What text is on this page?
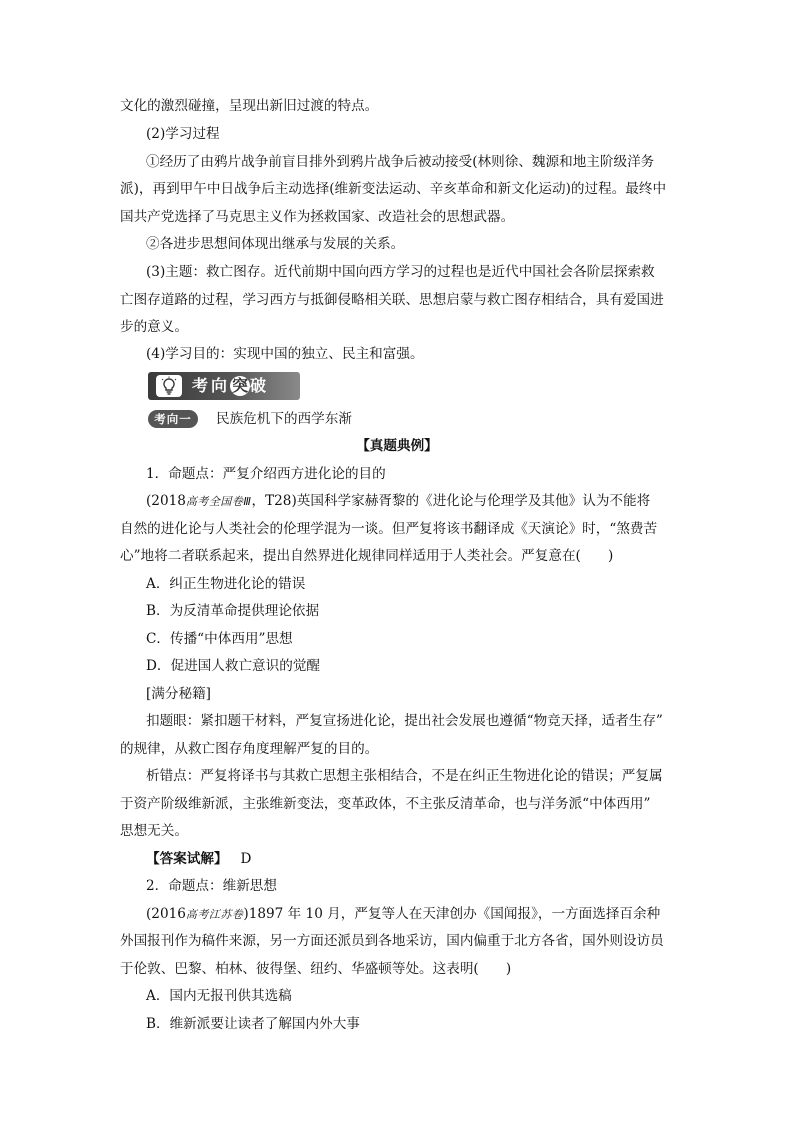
文化的激烈碰撞，呈现出新旧过渡的特点。
(2)学习过程
①经历了由鸦片战争前盲目排外到鸦片战争后被动接受(林则徐、魏源和地主阶级洋务
派)，再到甲午中日战争后主动选择(维新变法运动、辛亥革命和新文化运动)的过程。最终中
国共产党选择了马克思主义作为拯救国家、改造社会的思想武器。
②各进步思想间体现出继承与发展的关系。
(3)主题：救亡图存。近代前期中国向西方学习的过程也是近代中国社会各阶层探索救
亡图存道路的过程，学习西方与抵御侵略相关联、思想启蒙与救亡图存相结合，具有爱国进
步的意义。
(4)学习目的：实现中国的独立、民主和富强。
考向 突 破
考向一	民族危机下的西学东渐
【真题典例】
1．命题点：严复介绍西方进化论的目的
(2018高考全国卷Ⅲ，T28)英国科学家赫胥黎的《进化论与伦理学及其他》认为不能将
自然的进化论与人类社会的伦理学混为一谈。但严复将该书翻译成《天演论》时，“煞费苦
心”地将二者联系起来，提出自然界进化规律同样适用于人类社会。严复意在(　　)
A．纠正生物进化论的错误
B．为反清革命提供理论依据
C．传播“中体西用”思想
D．促进国人救亡意识的觉醒
[满分秘籍]
扣题眼：紧扣题干材料，严复宣扬进化论，提出社会发展也遵循“物竞天择，适者生存”
的规律，从救亡图存角度理解严复的目的。
析错点：严复将译书与其救亡思想主张相结合，不是在纠正生物进化论的错误；严复属
于资产阶级维新派，主张维新变法，变革政体，不主张反清革命，也与洋务派“中体西用”
思想无关。
【答案试解】 D
2．命题点：维新思想
(2016高考江苏卷)1897 年 10 月，严复等人在天津创办《国闻报》，一方面选择百余种
外国报刊作为稿件来源，另一方面还派员到各地采访，国内偏重于北方各省，国外则设访员
于伦敦、巴黎、柏林、彼得堡、纽约、华盛顿等处。这表明(　　)
A．国内无报刊供其选稿
B．维新派要让读者了解国内外大事
